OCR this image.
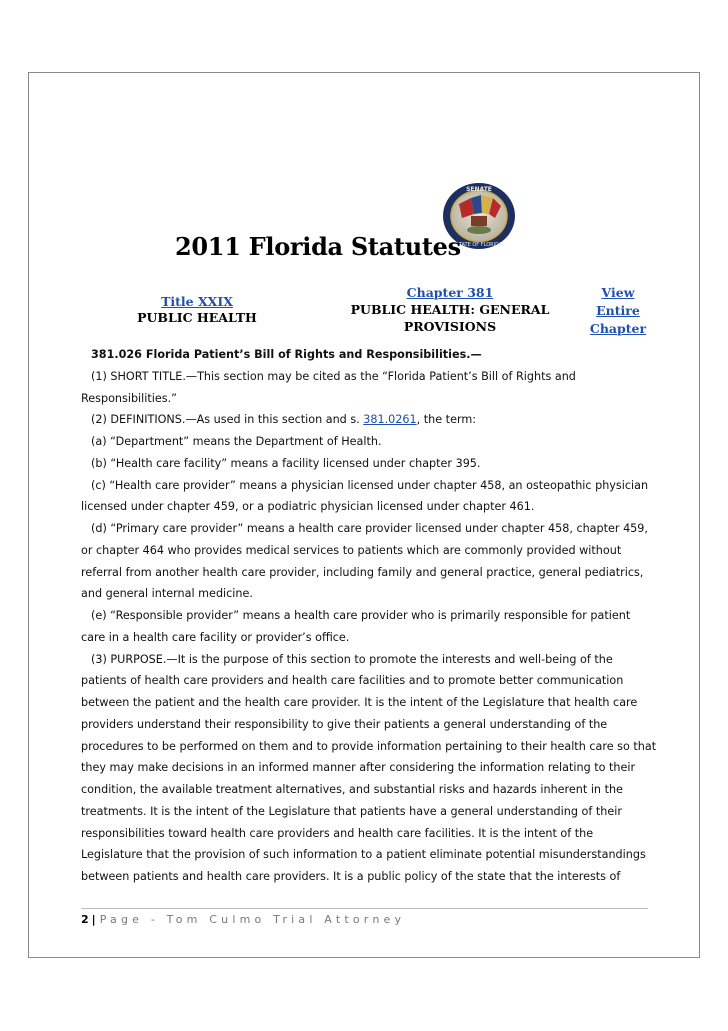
SENATE
STATE OF FLORIDA
2011 Florida Statutes
Title XXIX
PUBLIC HEALTH
Chapter 381
PUBLIC HEALTH: GENERAL
PROVISIONS
View
Entire
Chapter
381.026 Florida Patient’s Bill of Rights and Responsibilities.—
(1) SHORT TITLE.—This section may be cited as the “Florida Patient’s Bill of Rights and
Responsibilities.”
(2) DEFINITIONS.—As used in this section and s. 381.0261, the term:
(a) “Department” means the Department of Health.
(b) “Health care facility” means a facility licensed under chapter 395.
(c) “Health care provider” means a physician licensed under chapter 458, an osteopathic physician
licensed under chapter 459, or a podiatric physician licensed under chapter 461.
(d) “Primary care provider” means a health care provider licensed under chapter 458, chapter 459,
or chapter 464 who provides medical services to patients which are commonly provided without
referral from another health care provider, including family and general practice, general pediatrics,
and general internal medicine.
(e) “Responsible provider” means a health care provider who is primarily responsible for patient
care in a health care facility or provider’s office.
(3) PURPOSE.—It is the purpose of this section to promote the interests and well-being of the
patients of health care providers and health care facilities and to promote better communication
between the patient and the health care provider. It is the intent of the Legislature that health care
providers understand their responsibility to give their patients a general understanding of the
procedures to be performed on them and to provide information pertaining to their health care so that
they may make decisions in an informed manner after considering the information relating to their
condition, the available treatment alternatives, and substantial risks and hazards inherent in the
treatments. It is the intent of the Legislature that patients have a general understanding of their
responsibilities toward health care providers and health care facilities. It is the intent of the
Legislature that the provision of such information to a patient eliminate potential misunderstandings
between patients and health care providers. It is a public policy of the state that the interests of
2 | Page - Tom Culmo Trial Attorney
